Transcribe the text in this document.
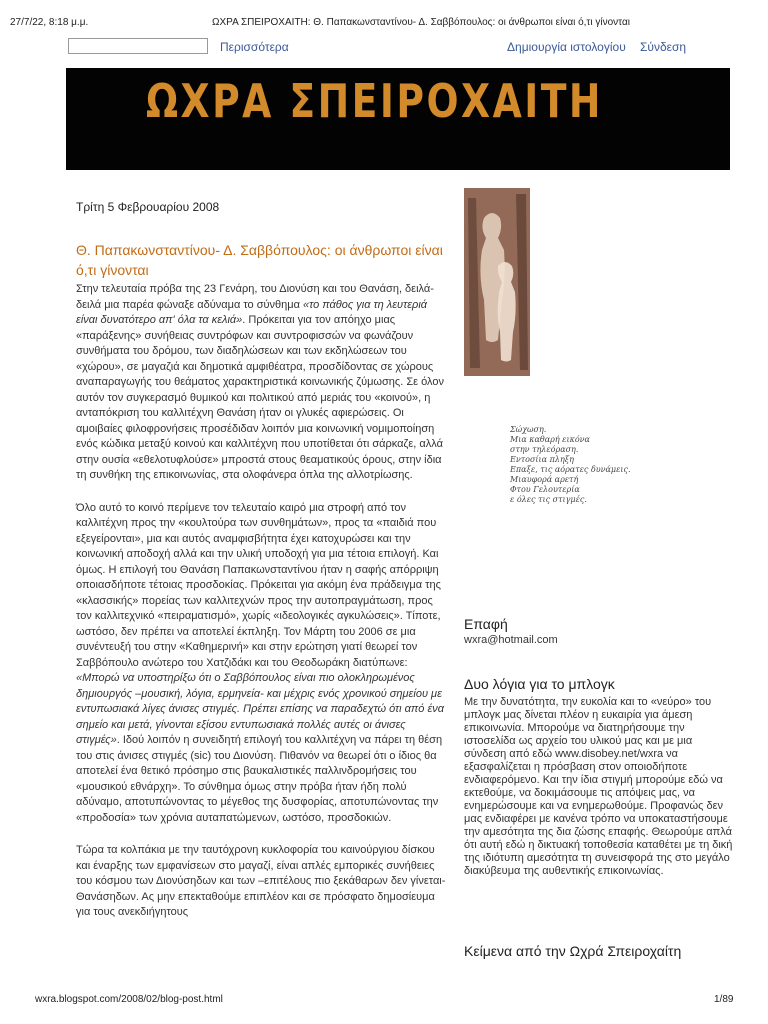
27/7/22, 8:18 μ.μ.	ΩΧΡΑ ΣΠΕΙΡΟΧΑΙΤΗ: Θ. Παπακωνσταντίνου- Δ. Σαββόπουλος: οι άνθρωποι είναι ό,τι γίνονται
Περισσότερα	Δημιουργία ιστολογίου Σύνδεση
ΩΧΡΑ ΣΠΕΙΡΟΧΑΙΤΗ
Τρίτη 5 Φεβρουαρίου 2008
Θ. Παπακωνσταντίνου- Δ. Σαββόπουλος: οι άνθρωποι είναι ό,τι γίνονται

Στην τελευταία πρόβα της 23 Γενάρη, του Διονύση και του Θανάση, δειλά-δειλά μια παρέα φώναξε αδύναμα το σύνθημα «το πάθος για τη λευτεριά είναι δυνατότερο απ' όλα τα κελιά». Πρόκειται για τον απόηχο μιας «παράξενης» συνήθειας συντρόφων και συντροφισσών να φωνάζουν συνθήματα του δρόμου, των διαδηλώσεων και των εκδηλώσεων του «χώρου», σε μαγαζιά και δημοτικά αμφιθέατρα, προσδίδοντας σε χώρους αναπαραγωγής του θεάματος χαρακτηριστικά κοινωνικής ζύμωσης. Σε όλον αυτόν τον συγκερασμό θυμικού και πολιτικού από μεριάς του «κοινού», η ανταπόκριση του καλλιτέχνη Θανάση ήταν οι γλυκές αφιερώσεις. Οι αμοιβαίες φιλοφρονήσεις προσέδιδαν λοιπόν μια κοινωνική νομιμοποίηση ενός κώδικα μεταξύ κοινού και καλλιτέχνη που υποτίθεται ότι σάρκαζε, αλλά στην ουσία «εθελοτυφλούσε» μπροστά στους θεαματικούς όρους, στην ίδια τη συνθήκη της επικοινωνίας, στα ολοφάνερα όπλα της αλλοτρίωσης.

Όλο αυτό το κοινό περίμενε τον τελευταίο καιρό μια στροφή από τον καλλιτέχνη προς την «κουλτούρα των συνθημάτων», προς τα «παιδιά που εξεγείρονται», μια και αυτός αναμφισβήτητα έχει κατοχυρώσει και την κοινωνική αποδοχή αλλά και την υλική υποδοχή για μια τέτοια επιλογή. Και όμως. Η επιλογή του Θανάση Παπακωνσταντίνου ήταν η σαφής απόρριψη οποιασδήποτε τέτοιας προσδοκίας. Πρόκειται για ακόμη ένα πράδειγμα της «κλασσικής» πορείας των καλλιτεχνών προς την αυτοπραγμάτωση, προς τον καλλιτεχνικό «πειραματισμό», χωρίς «ιδεολογικές αγκυλώσεις». Τίποτε, ωστόσο, δεν πρέπει να αποτελεί έκπληξη. Τον Μάρτη του 2006 σε μια συνέντευξή του στην «Καθημερινή» και στην ερώτηση γιατί θεωρεί τον Σαββόπουλο ανώτερο του Χατζιδάκι και του Θεοδωράκη διατύπωνε: «Μπορώ να υποστηρίξω ότι ο Σαββόπουλος είναι πιο ολοκληρωμένος δημιουργός –μουσική, λόγια, ερμηνεία- και μέχρις ενός χρονικού σημείου με εντυπωσιακά λίγες άνισες στιγμές. Πρέπει επίσης να παραδεχτώ ότι από ένα σημείο και μετά, γίνονται εξίσου εντυπωσιακά πολλές αυτές οι άνισες στιγμές». Ιδού λοιπόν η συνειδητή επιλογή του καλλιτέχνη να πάρει τη θέση του στις άνισες στιγμές (sic) του Διονύση. Πιθανόν να θεωρεί ότι ο ίδιος θα αποτελεί ένα θετικό πρόσημο στις βαυκαλιστικές παλλινδρομήσεις του «μουσικού εθνάρχη». Το σύνθημα όμως στην πρόβα ήταν ήδη πολύ αδύναμο, αποτυπώνοντας το μέγεθος της δυσφορίας, αποτυπώνοντας την «προδοσία» των χρόνια αυταπατώμενων, ωστόσο, προσδοκιών.

Τώρα τα κολπάκια με την ταυτόχρονη κυκλοφορία του καινούργιου δίσκου και έναρξης των εμφανίσεων στο μαγαζί, είναι απλές εμπορικές συνήθειες του κόσμου των Διονύσηδων και των –επιτέλους πιο ξεκάθαρων δεν γίνεται- Θανάσηδων. Ας μην επεκταθούμε επιπλέον και σε πρόσφατο δημοσίευμα για τους ανεκδιήγητους

Σώχωση.
Μια καθαρή εικόνα
στην τηλεόραση.
Εντοσίια πληξη
Επαξε, τις αόρατες δυνάμεις.
Μιαυφορά αρετή
Φτου Γελουτερία
ε όλες τις στιγμές.
Επαφή
wxra@hotmail.com
Δυο λόγια για το μπλογκ
Με την δυνατότητα, την ευκολία και το «νεύρο» του μπλογκ μας δίνεται πλέον η ευκαιρία για άμεση επικοινωνία. Μπορούμε να διατηρήσουμε την ιστοσελίδα ως αρχείο του υλικού μας και με μια σύνδεση από εδώ www.disobey.net/wxra να εξασφαλίζεται η πρόσβαση στον οποιοδήποτε ενδιαφερόμενο. Και την ίδια στιγμή μπορούμε εδώ να εκτεθούμε, να δοκιμάσουμε τις απόψεις μας, να ενημερώσουμε και να ενημερωθούμε. Προφανώς δεν μας ενδιαφέρει με κανένα τρόπο να υποκαταστήσουμε την αμεσότητα της δια ζώσης επαφής. Θεωρούμε απλά ότι αυτή εδώ η δικτυακή τοποθεσία καταθέτει με τη δική της ιδιότυπη αμεσότητα τη συνεισφορά της στο μεγάλο διακύβευμα της αυθεντικής επικοινωνίας.
Κείμενα από την Ωχρά Σπειροχαίτη
wxra.blogspot.com/2008/02/blog-post.html	1/89
